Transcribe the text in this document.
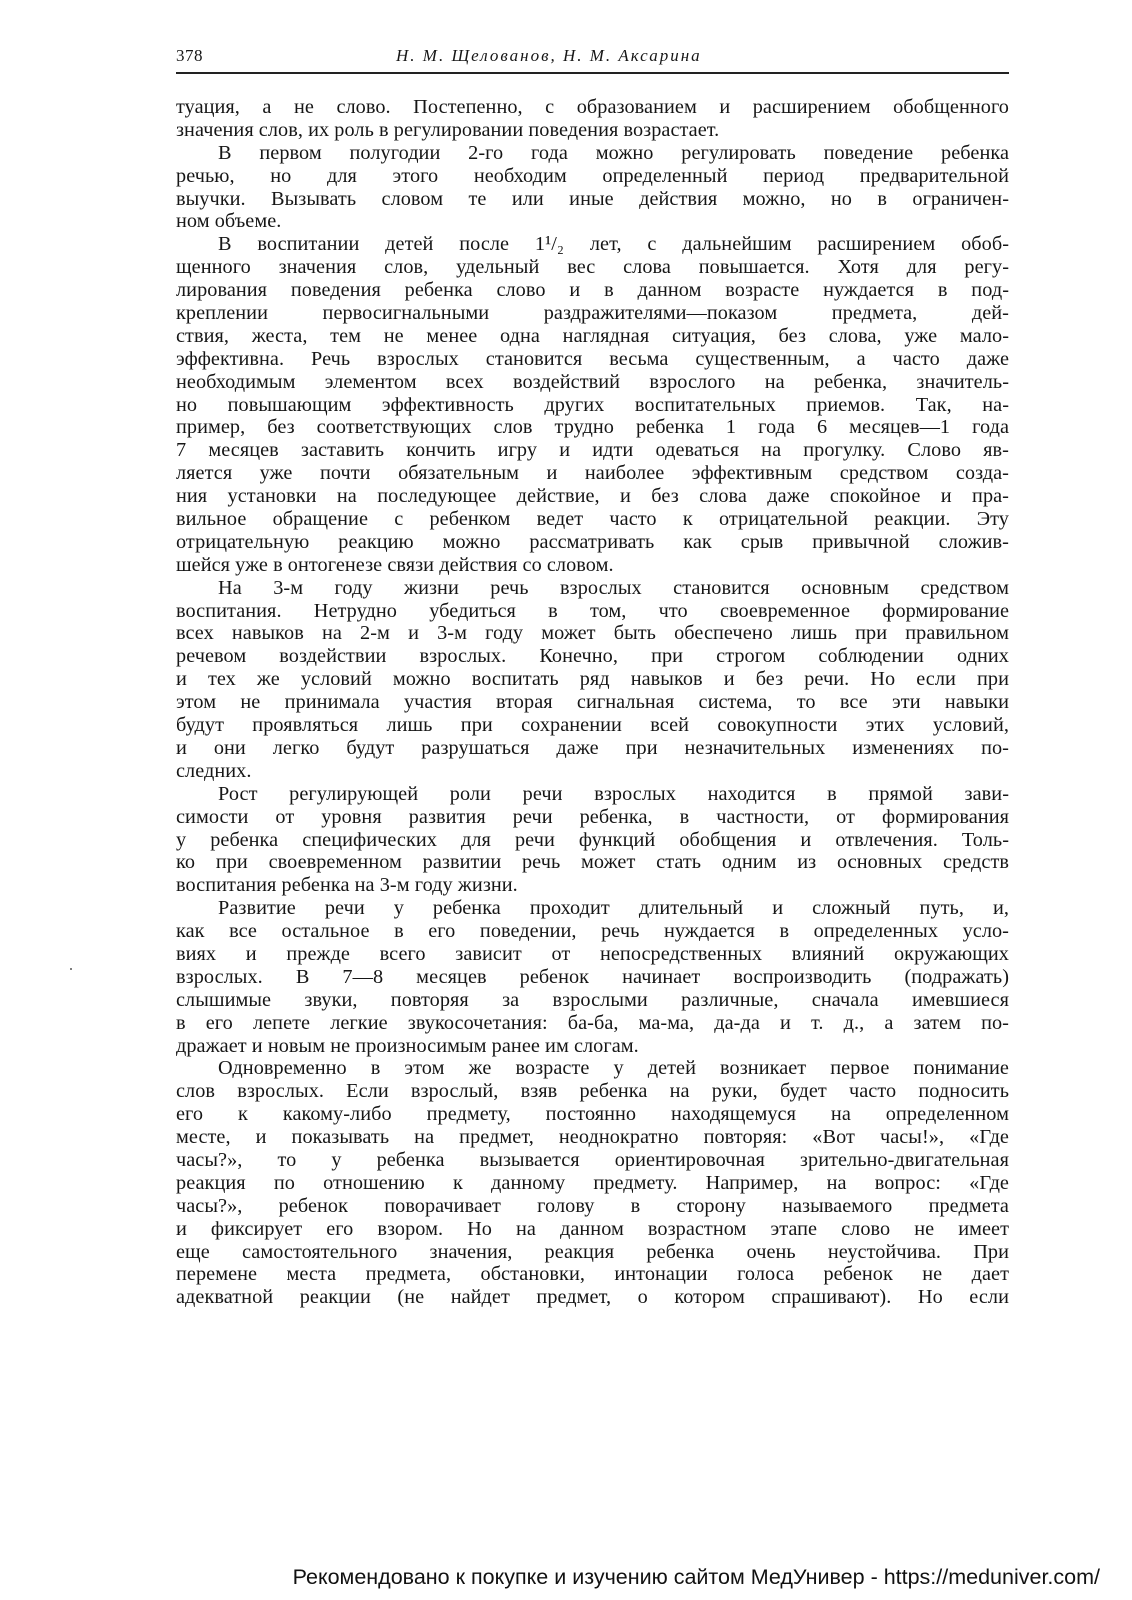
378	Н. М. Щелованов, Н. М. Аксарина
туация, а не слово. Постепенно, с образованием и расширением обобщенного
значения слов, их роль в регулировании поведения возрастает.
В первом полугодии 2-го года можно регулировать поведение ребенка
речью, но для этого необходим определенный период предварительной
выучки. Вызывать словом те или иные действия можно, но в ограничен-
ном объеме.
В воспитании детей после 1¹/₂ лет, с дальнейшим расширением обоб-
щенного значения слов, удельный вес слова повышается. Хотя для регу-
лирования поведения ребенка слово и в данном возрасте нуждается в под-
креплении первосигнальными раздражителями—показом предмета, дей-
ствия, жеста, тем не менее одна наглядная ситуация, без слова, уже мало-
эффективна. Речь взрослых становится весьма существенным, а часто даже
необходимым элементом всех воздействий взрослого на ребенка, значитель-
но повышающим эффективность других воспитательных приемов. Так, на-
пример, без соответствующих слов трудно ребенка 1 года 6 месяцев—1 года
7 месяцев заставить кончить игру и идти одеваться на прогулку. Слово яв-
ляется уже почти обязательным и наиболее эффективным средством созда-
ния установки на последующее действие, и без слова даже спокойное и пра-
вильное обращение с ребенком ведет часто к отрицательной реакции. Эту
отрицательную реакцию можно рассматривать как срыв привычной сложив-
шейся уже в онтогенезе связи действия со словом.
На 3-м году жизни речь взрослых становится основным средством
воспитания. Нетрудно убедиться в том, что своевременное формирование
всех навыков на 2-м и 3-м году может быть обеспечено лишь при правильном
речевом воздействии взрослых. Конечно, при строгом соблюдении одних
и тех же условий можно воспитать ряд навыков и без речи. Но если при
этом не принимала участия вторая сигнальная система, то все эти навыки
будут проявляться лишь при сохранении всей совокупности этих условий,
и они легко будут разрушаться даже при незначительных изменениях по-
следних.
Рост регулирующей роли речи взрослых находится в прямой зави-
симости от уровня развития речи ребенка, в частности, от формирования
у ребенка специфических для речи функций обобщения и отвлечения. Толь-
ко при своевременном развитии речь может стать одним из основных средств
воспитания ребенка на 3-м году жизни.
Развитие речи у ребенка проходит длительный и сложный путь, и,
как все остальное в его поведении, речь нуждается в определенных усло-
виях и прежде всего зависит от непосредственных влияний окружающих
взрослых. В 7—8 месяцев ребенок начинает воспроизводить (подражать)
слышимые звуки, повторяя за взрослыми различные, сначала имевшиеся
в его лепете легкие звукосочетания: ба-ба, ма-ма, да-да и т. д., а затем по-
дражает и новым не произносимым ранее им слогам.
Одновременно в этом же возрасте у детей возникает первое понимание
слов взрослых. Если взрослый, взяв ребенка на руки, будет часто подносить
его к какому-либо предмету, постоянно находящемуся на определенном
месте, и показывать на предмет, неоднократно повторяя: «Вот часы!», «Где
часы?», то у ребенка вызывается ориентировочная зрительно-двигательная
реакция по отношению к данному предмету. Например, на вопрос: «Где
часы?», ребенок поворачивает голову в сторону называемого предмета
и фиксирует его взором. Но на данном возрастном этапе слово не имеет
еще самостоятельного значения, реакция ребенка очень неустойчива. При
перемене места предмета, обстановки, интонации голоса ребенок не дает
адекватной реакции (не найдет предмет, о котором спрашивают). Но если
Рекомендовано к покупке и изучению сайтом МедУнивер - https://meduniver.com/
